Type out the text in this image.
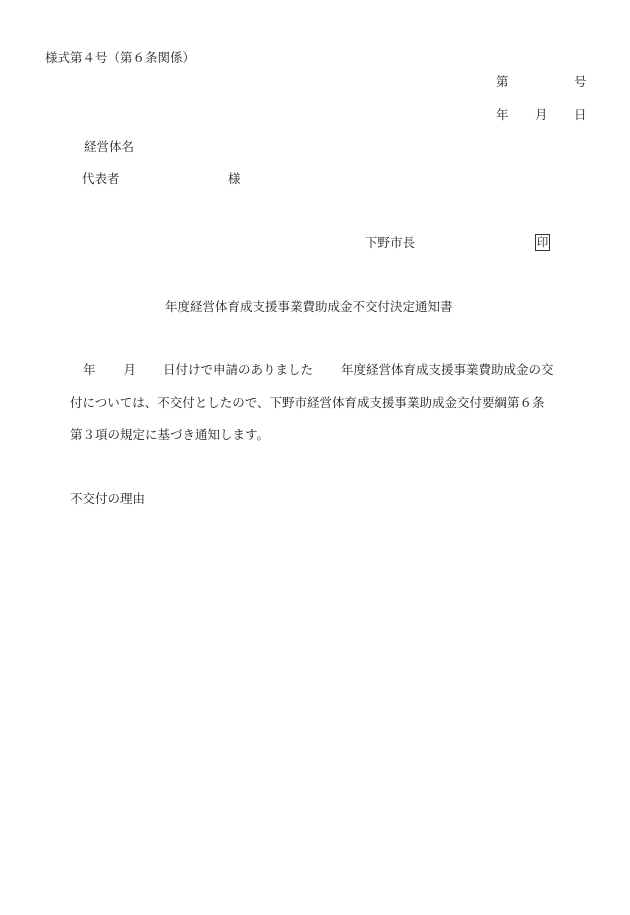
様式第４号（第６条関係）
第	号
年 月 日
経営体名
代表者	様
下野市長	印
年度経営体育成支援事業費助成金不交付決定通知書
年 月 日付けで申請のありました 年度経営体育成支援事業費助成金の交
付については、不交付としたので、下野市経営体育成支援事業助成金交付要綱第６条
第３項の規定に基づき通知します。
不交付の理由
